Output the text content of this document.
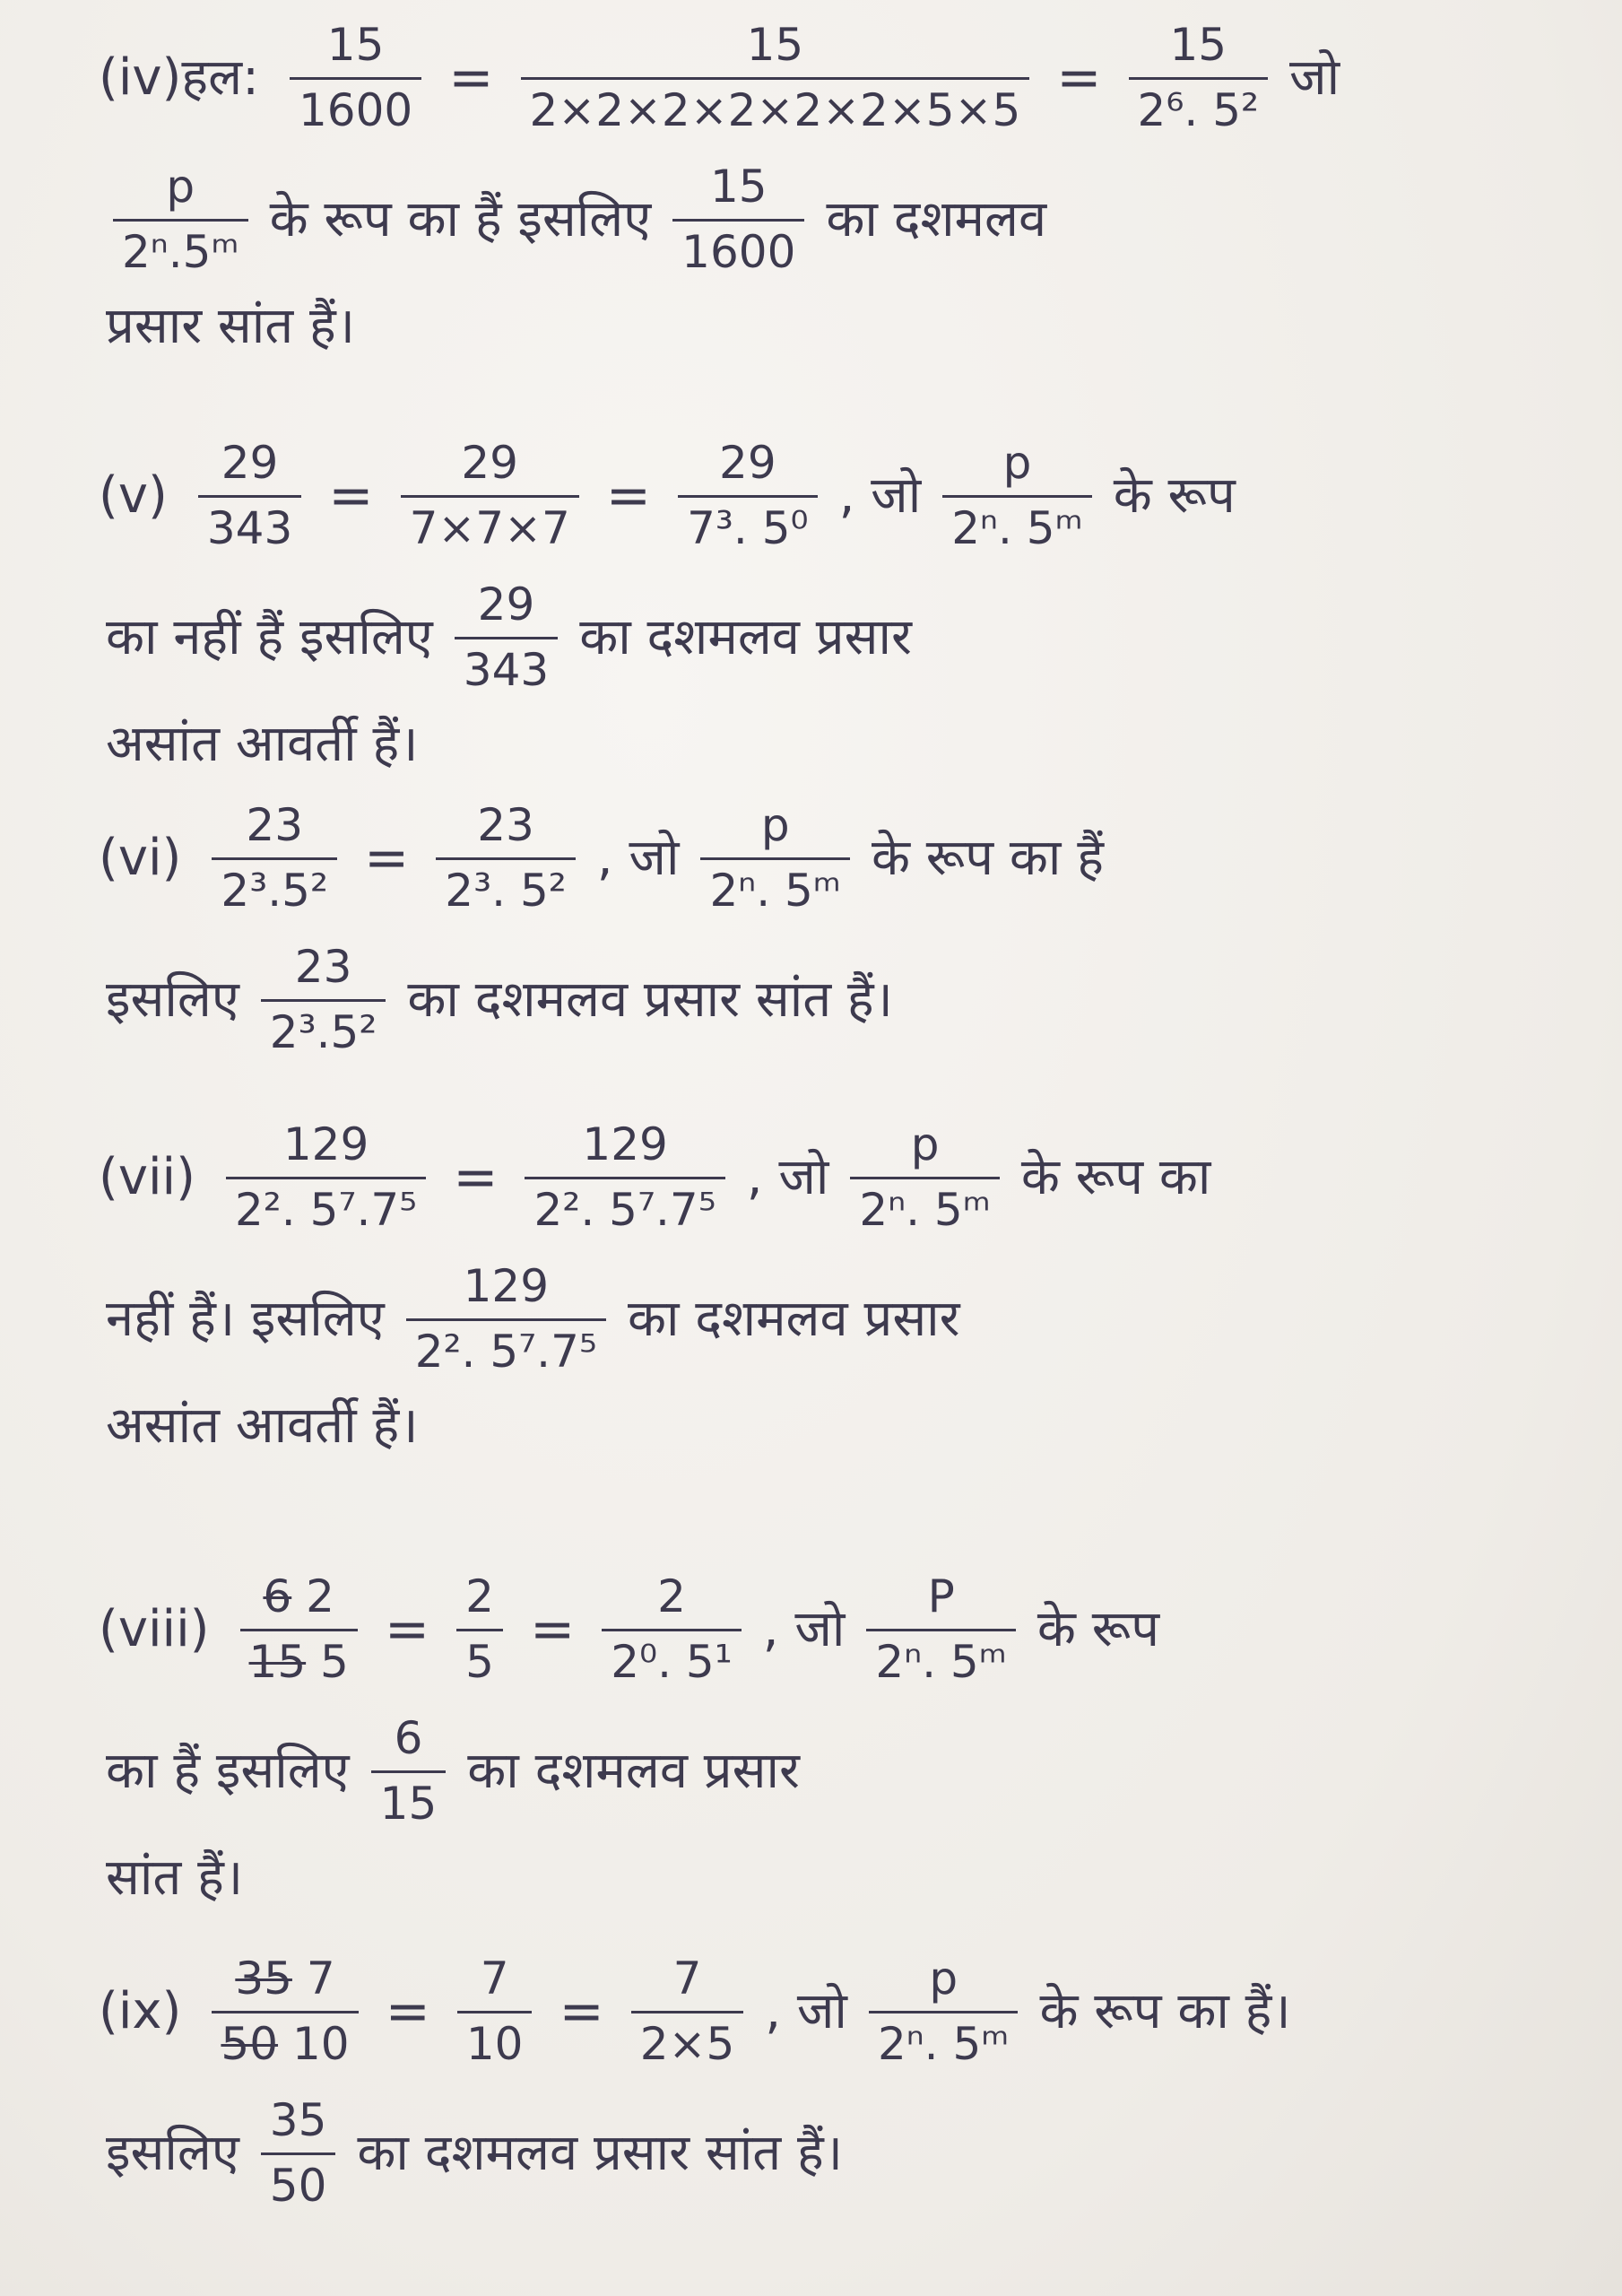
(iv)हल: $\frac{15}{1600} = \frac{15}{2\times 2\times 2\times 2\times 2\times 2\times 5\times 5} = \frac{15}{\text{2⁶. 5²}}$ जो
$\frac{p}{\text{2ⁿ.5ᵐ}}$ के रूप का हैं इसलिए $\frac{15}{1600}$ का दशमलव
प्रसार सांत हैं।
$(v) \frac{29}{343} = \frac{29}{7\times 7\times 7} = \frac{29}{\text{7³. 5⁰}}$ , जो $\frac{p}{\text{2ⁿ. 5ᵐ}}$ के रूप
का नहीं हैं इसलिए $\frac{29}{343}$ का दशमलव प्रसार
असांत आवर्ती हैं।
$(vi) \frac{23}{\text{2³.5²}} = \frac{23}{\text{2³. 5²}}$ , जो $\frac{p}{\text{2ⁿ. 5ᵐ}}$ के रूप का हैं
इसलिए $\frac{23}{\text{2³.5²}}$ का दशमलव प्रसार सांत हैं।
$(vii) \frac{129}{\text{2². 5⁷.7⁵}} = \frac{129}{\text{2². 5⁷.7⁵}}$ , जो $\frac{p}{\text{2ⁿ. 5ᵐ}}$ के रूप का
नहीं हैं। इसलिए $\frac{129}{\text{2². 5⁷.7⁵}}$ का दशमलव प्रसार
असांत आवर्ती हैं।
(viii) $\frac{6 2}{15 5} = \frac{2}{5} = \frac{2}{\text{2⁰. 5¹}}$ , जो $\frac{P}{\text{2ⁿ. 5ᵐ}}$ के रूप
का हैं इसलिए $\frac{6}{15}$ का दशमलव प्रसार
सांत हैं।
$(ix) \frac{35 7}{50 10} = \frac{7}{10} = \frac{7}{2\times 5}$ , जो $\frac{p}{\text{2ⁿ. 5ᵐ}}$ के रूप का हैं।
इसलिए $\frac{35}{50}$ का दशमलव प्रसार सांत हैं।
